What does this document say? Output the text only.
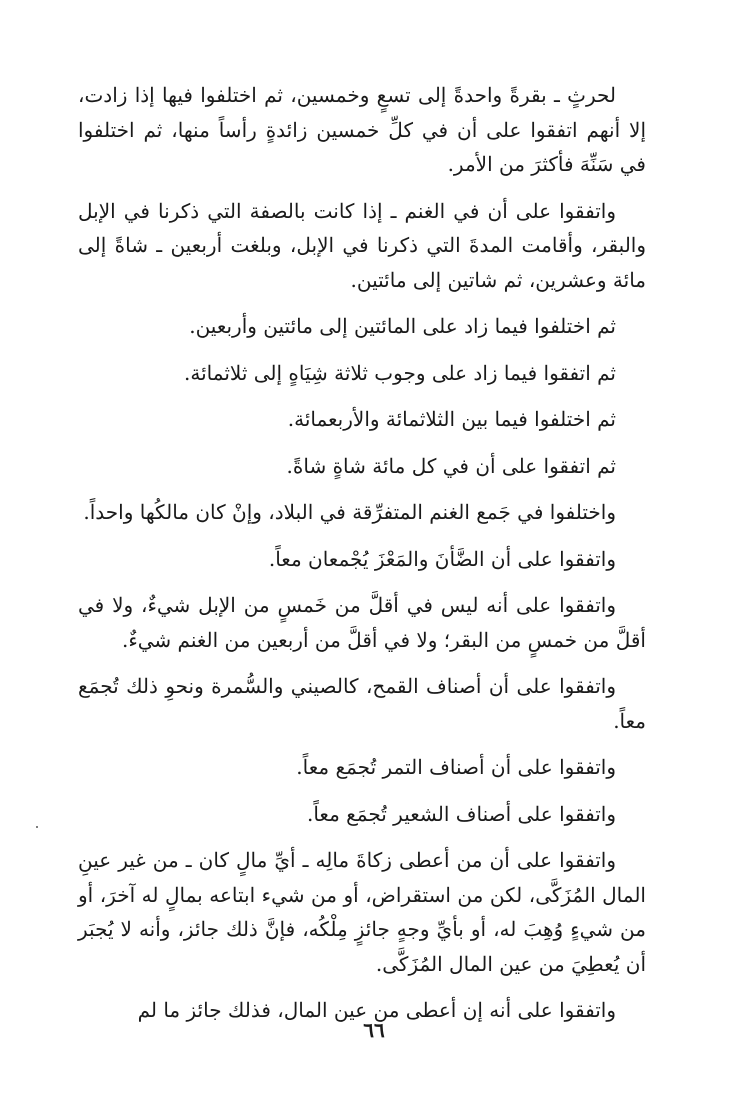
لحرثٍ ـ بقرةً واحدةً إلى تسعٍ وخمسين، ثم اختلفوا فيها إذا زادت، إلا أنهم اتفقوا على أن في كلِّ خمسين زائدةٍ رأساً منها، ثم اختلفوا في سَنِّهَ فأكثرَ من الأمر.

واتفقوا على أن في الغنم ـ إذا كانت بالصفة التي ذكرنا في الإبل والبقر، وأقامت المدةَ التي ذكرنا في الإبل، وبلغت أربعين ـ شاةً إلى مائة وعشرين، ثم شاتين إلى مائتين.

ثم اختلفوا فيما زاد على المائتين إلى مائتين وأربعين.

ثم اتفقوا فيما زاد على وجوب ثلاثة شِيَاهٍ إلى ثلاثمائة.

ثم اختلفوا فيما بين الثلاثمائة والأربعمائة.

ثم اتفقوا على أن في كل مائة شاةٍ شاةً.

واختلفوا في جَمع الغنم المتفرِّقة في البلاد، وإنْ كان مالكُها واحداً.

واتفقوا على أن الضَّأنَ والمَعْزَ يُجْمعان معاً.

واتفقوا على أنه ليس في أقلَّ من خَمسٍ من الإبل شيءٌ، ولا في أقلَّ من خمسٍ من البقر؛ ولا في أقلَّ من أربعين من الغنم شيءٌ.

واتفقوا على أن أصناف القمح، كالصيني والسُّمرة ونحوِ ذلك تُجمَع معاً.

واتفقوا على أن أصناف التمر تُجمَع معاً.

واتفقوا على أصناف الشعير تُجمَع معاً.

واتفقوا على أن من أعطى زكاةَ مالِه ـ أيِّ مالٍ كان ـ من غير عينِ المال المُزَكَّى، لكن من استقراض، أو من شيء ابتاعه بمالٍ له آخرَ، أو من شيءٍ وُهِبَ له، أو بأيِّ وجهٍ جائزٍ مِلْكُه، فإنَّ ذلك جائز، وأنه لا يُجبَر أن يُعطِيَ من عين المال المُزَكَّى.

واتفقوا على أنه إن أعطى من عين المال، فذلك جائز ما لم

٦٦
